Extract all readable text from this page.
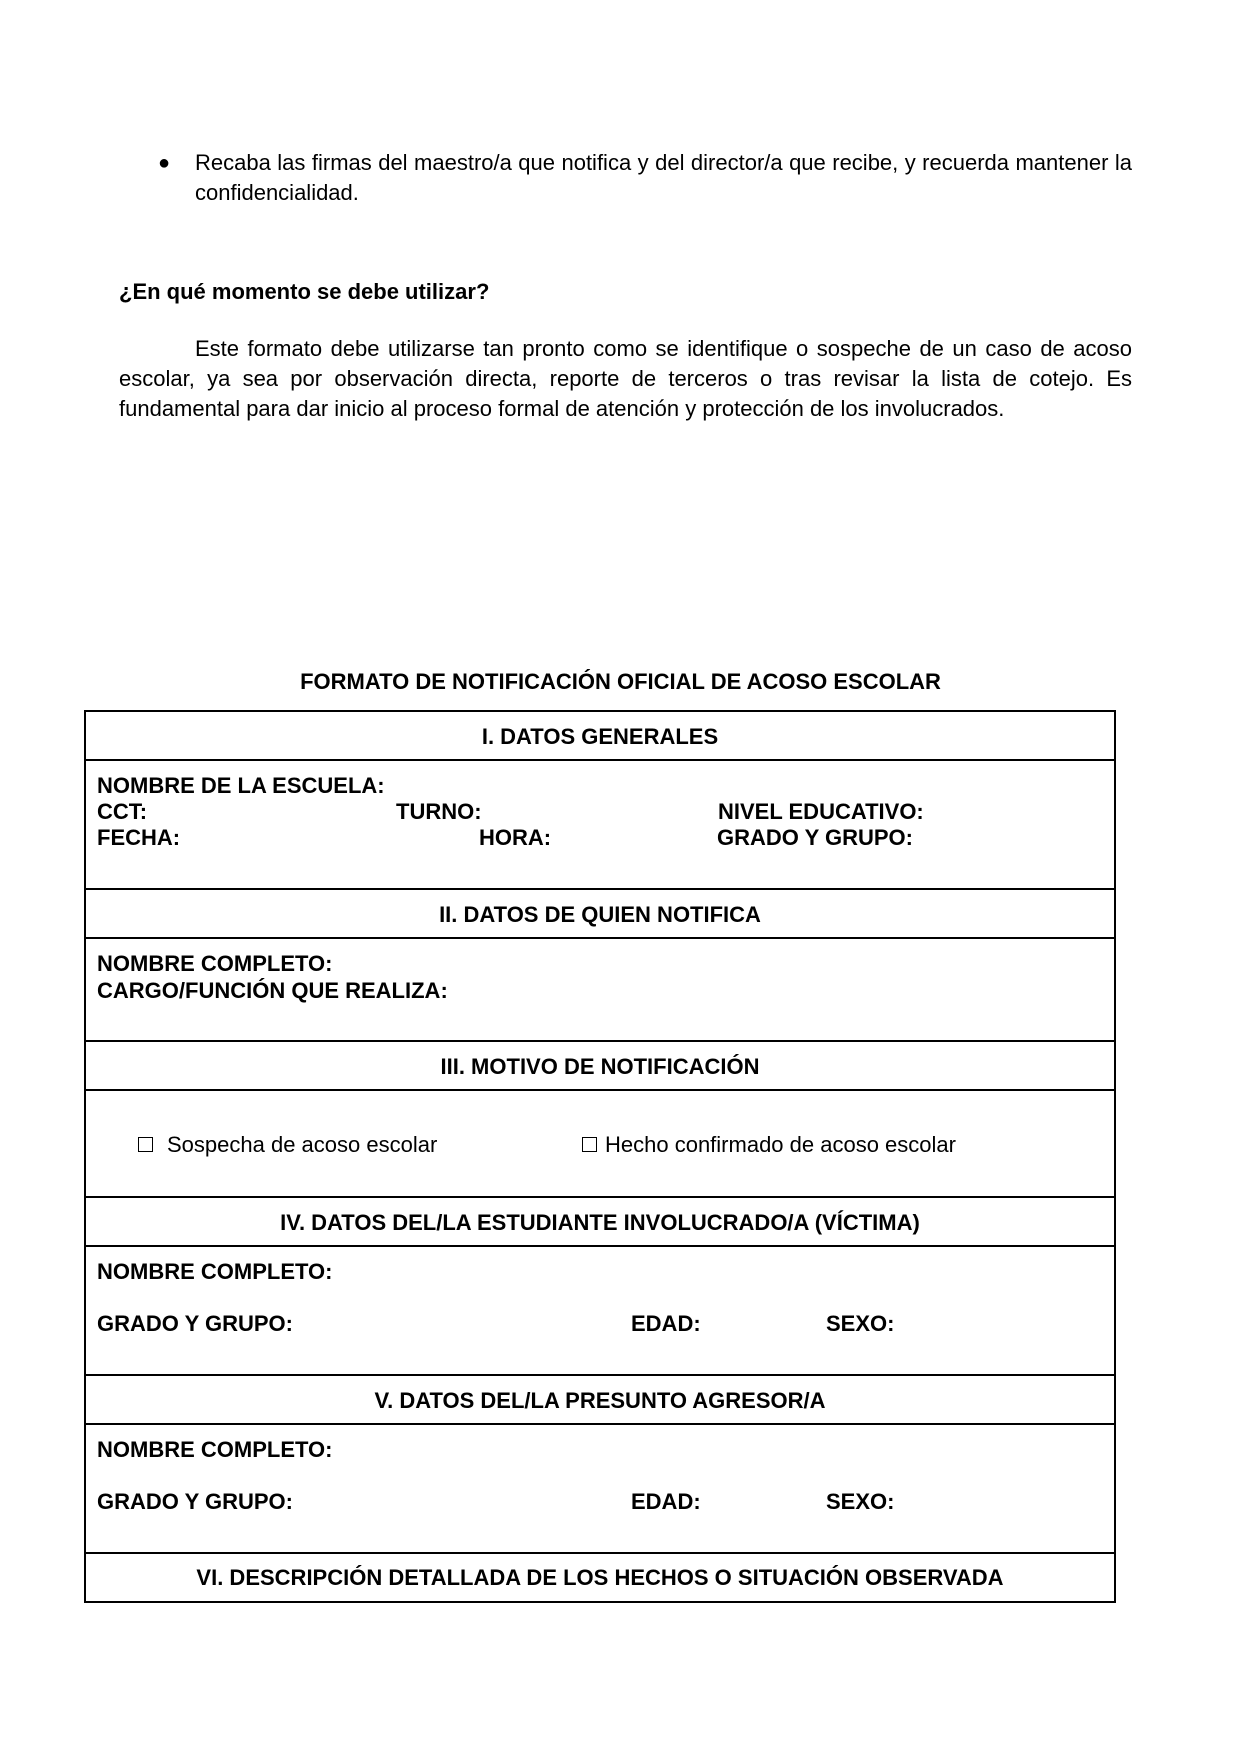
● Recaba las firmas del maestro/a que notifica y del director/a que recibe, y recuerda mantener la confidencialidad.
¿En qué momento se debe utilizar?
Este formato debe utilizarse tan pronto como se identifique o sospeche de un caso de acoso escolar, ya sea por observación directa, reporte de terceros o tras revisar la lista de cotejo. Es fundamental para dar inicio al proceso formal de atención y protección de los involucrados.
FORMATO DE NOTIFICACIÓN OFICIAL DE ACOSO ESCOLAR
I. DATOS GENERALES
NOMBRE DE LA ESCUELA:
CCT:	TURNO:	NIVEL EDUCATIVO:
FECHA:	HORA:	GRADO Y GRUPO:
II. DATOS DE QUIEN NOTIFICA
NOMBRE COMPLETO:
CARGO/FUNCIÓN QUE REALIZA:
III. MOTIVO DE NOTIFICACIÓN
Sospecha de acoso escolar	Hecho confirmado de acoso escolar
IV. DATOS DEL/LA ESTUDIANTE INVOLUCRADO/A (VÍCTIMA)
NOMBRE COMPLETO:
GRADO Y GRUPO:	EDAD:	SEXO:
V. DATOS DEL/LA PRESUNTO AGRESOR/A
NOMBRE COMPLETO:
GRADO Y GRUPO:	EDAD:	SEXO:
VI. DESCRIPCIÓN DETALLADA DE LOS HECHOS O SITUACIÓN OBSERVADA
